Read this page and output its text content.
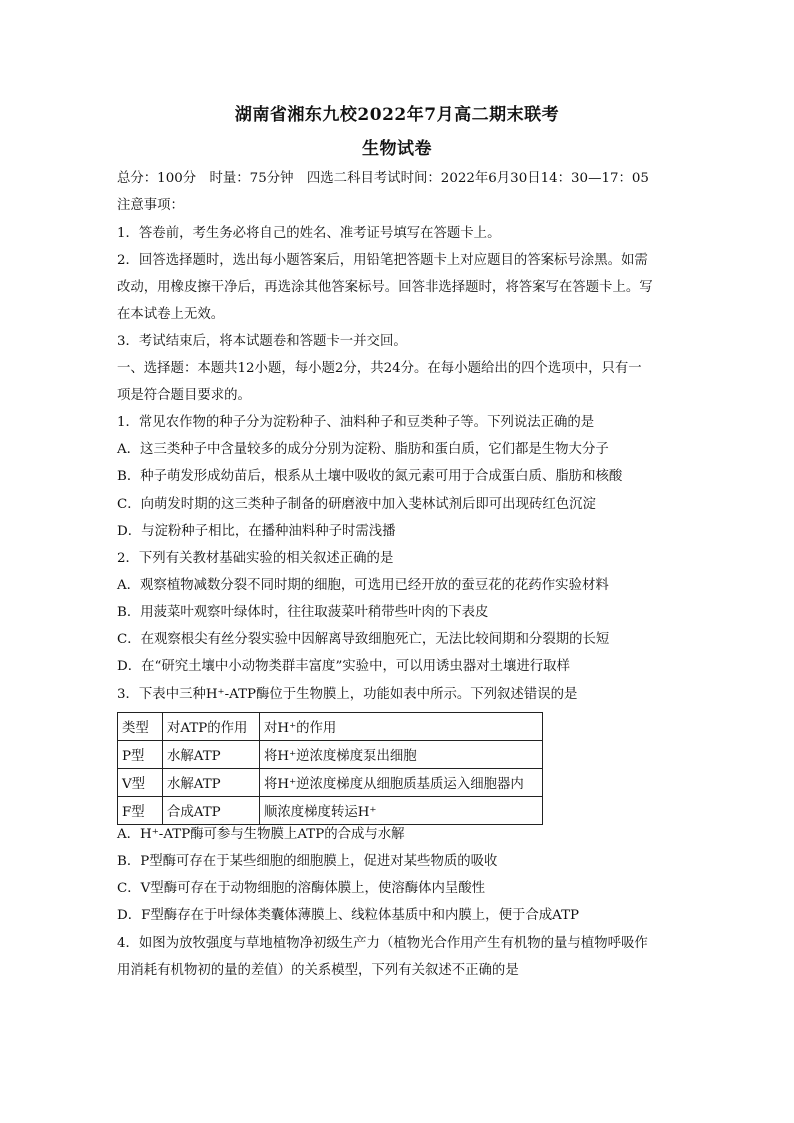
湖南省湘东九校2022年7月高二期末联考
生物试卷
总分：100分　时量：75分钟　四选二科目考试时间：2022年6月30日14：30—17：05
注意事项：
1．答卷前，考生务必将自己的姓名、准考证号填写在答题卡上。
2．回答选择题时，选出每小题答案后，用铅笔把答题卡上对应题目的答案标号涂黑。如需
改动，用橡皮擦干净后，再选涂其他答案标号。回答非选择题时，将答案写在答题卡上。写
在本试卷上无效。
3．考试结束后，将本试题卷和答题卡一并交回。
一、选择题：本题共12小题，每小题2分，共24分。在每小题给出的四个选项中，只有一
项是符合题目要求的。
1．常见农作物的种子分为淀粉种子、油料种子和豆类种子等。下列说法正确的是
A．这三类种子中含量较多的成分分别为淀粉、脂肪和蛋白质，它们都是生物大分子
B．种子萌发形成幼苗后，根系从土壤中吸收的氮元素可用于合成蛋白质、脂肪和核酸
C．向萌发时期的这三类种子制备的研磨液中加入斐林试剂后即可出现砖红色沉淀
D．与淀粉种子相比，在播种油料种子时需浅播
2．下列有关教材基础实验的相关叙述正确的是
A．观察植物减数分裂不同时期的细胞，可选用已经开放的蚕豆花的花药作实验材料
B．用菠菜叶观察叶绿体时，往往取菠菜叶稍带些叶肉的下表皮
C．在观察根尖有丝分裂实验中因解离导致细胞死亡，无法比较间期和分裂期的长短
D．在“研究土壤中小动物类群丰富度”实验中，可以用诱虫器对土壤进行取样
3．下表中三种H⁺-ATP酶位于生物膜上，功能如表中所示。下列叙述错误的是
类型	对ATP的作用	对H⁺的作用
P型	水解ATP	将H⁺逆浓度梯度泵出细胞
V型	水解ATP	将H⁺逆浓度梯度从细胞质基质运入细胞器内
F型	合成ATP	顺浓度梯度转运H⁺
A．H⁺-ATP酶可参与生物膜上ATP的合成与水解
B．P型酶可存在于某些细胞的细胞膜上，促进对某些物质的吸收
C．V型酶可存在于动物细胞的溶酶体膜上，使溶酶体内呈酸性
D．F型酶存在于叶绿体类囊体薄膜上、线粒体基质中和内膜上，便于合成ATP
4．如图为放牧强度与草地植物净初级生产力（植物光合作用产生有机物的量与植物呼吸作
用消耗有机物初的量的差值）的关系模型，下列有关叙述不正确的是
